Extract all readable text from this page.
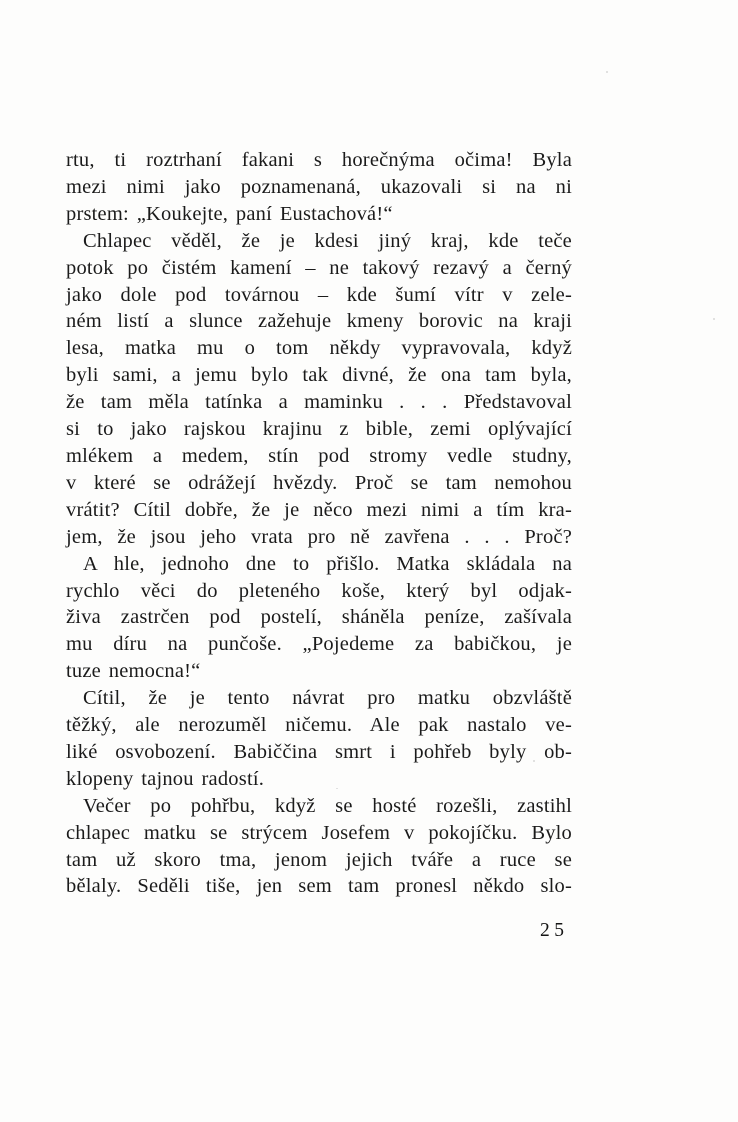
rtu, ti roztrhaní fakani s horečnýma očima! Byla
mezi nimi jako poznamenaná, ukazovali si na ni
prstem: „Koukejte, paní Eustachová!“
Chlapec věděl, že je kdesi jiný kraj, kde teče
potok po čistém kamení – ne takový rezavý a černý
jako dole pod továrnou – kde šumí vítr v zele-
ném listí a slunce zažehuje kmeny borovic na kraji
lesa, matka mu o tom někdy vypravovala, když
byli sami, a jemu bylo tak divné, že ona tam byla,
že tam měla tatínka a maminku . . . Představoval
si to jako rajskou krajinu z bible, zemi oplývající
mlékem a medem, stín pod stromy vedle studny,
v které se odrážejí hvězdy. Proč se tam nemohou
vrátit? Cítil dobře, že je něco mezi nimi a tím kra-
jem, že jsou jeho vrata pro ně zavřena . . . Proč?
A hle, jednoho dne to přišlo. Matka skládala na
rychlo věci do pleteného koše, který byl odjak-
živa zastrčen pod postelí, sháněla peníze, zašívala
mu díru na punčoše. „Pojedeme za babičkou, je
tuze nemocna!“
Cítil, že je tento návrat pro matku obzvláště
těžký, ale nerozuměl ničemu. Ale pak nastalo ve-
liké osvobození. Babiččina smrt i pohřeb byly ob-
klopeny tajnou radostí.
Večer po pohřbu, když se hosté rozešli, zastihl
chlapec matku se strýcem Josefem v pokojíčku. Bylo
tam už skoro tma, jenom jejich tváře a ruce se
bělaly. Seděli tiše, jen sem tam pronesl někdo slo-
25
